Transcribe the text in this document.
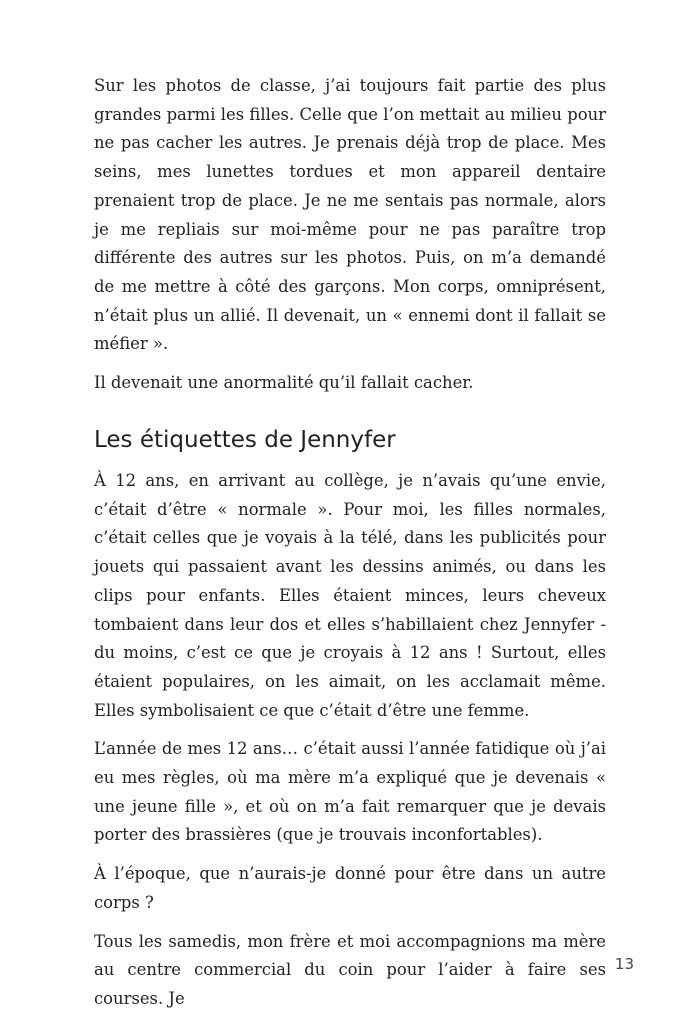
Sur les photos de classe, j’ai toujours fait partie des plus grandes parmi les filles. Celle que l’on mettait au milieu pour ne pas cacher les autres. Je prenais déjà trop de place. Mes seins, mes lunettes tordues et mon appareil dentaire prenaient trop de place. Je ne me sentais pas normale, alors je me repliais sur moi-même pour ne pas paraître trop différente des autres sur les photos. Puis, on m’a demandé de me mettre à côté des garçons. Mon corps, omniprésent, n’était plus un allié. Il devenait, un « ennemi dont il fallait se méfier ».

Il devenait une anormalité qu’il fallait cacher.

Les étiquettes de Jennyfer

À 12 ans, en arrivant au collège, je n’avais qu’une envie, c’était d’être « normale ». Pour moi, les filles normales, c’était celles que je voyais à la télé, dans les publicités pour jouets qui passaient avant les dessins animés, ou dans les clips pour enfants. Elles étaient minces, leurs cheveux tombaient dans leur dos et elles s’habillaient chez Jennyfer - du moins, c’est ce que je croyais à 12 ans ! Surtout, elles étaient populaires, on les aimait, on les acclamait même. Elles symbolisaient ce que c’était d’être une femme.

L’année de mes 12 ans… c’était aussi l’année fatidique où j’ai eu mes règles, où ma mère m’a expliqué que je devenais « une jeune fille », et où on m’a fait remarquer que je devais porter des brassières (que je trouvais inconfortables).

À l’époque, que n’aurais-je donné pour être dans un autre corps ?

Tous les samedis, mon frère et moi accompagnions ma mère au centre commercial du coin pour l’aider à faire ses courses. Je

13
